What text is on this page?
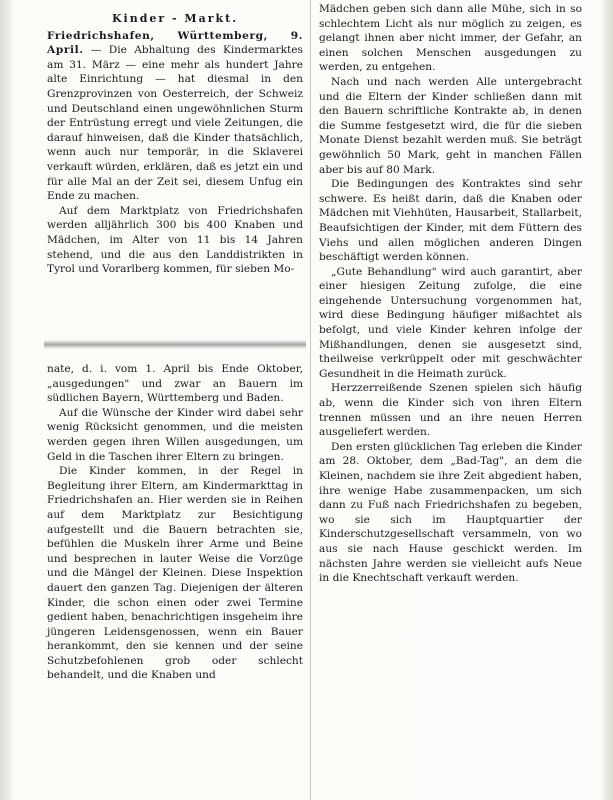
Kinder - Markt.

Friedrichshafen, Württemberg, 9. April. — Die Abhaltung des Kindermarktes am 31. März — eine mehr als hundert Jahre alte Einrichtung — hat diesmal in den Grenzprovinzen von Oesterreich, der Schweiz und Deutschland einen ungewöhnlichen Sturm der Entrüstung erregt und viele Zeitungen, die darauf hinweisen, daß die Kinder thatsächlich, wenn auch nur temporär, in die Sklaverei verkauft würden, erklären, daß es jetzt ein und für alle Mal an der Zeit sei, diesem Unfug ein Ende zu machen.

Auf dem Marktplatz von Friedrichshafen werden alljährlich 300 bis 400 Knaben und Mädchen, im Alter von 11 bis 14 Jahren stehend, und die aus den Landdistrikten in Tyrol und Vorarlberg kommen, für sieben Mo-

nate, d. i. vom 1. April bis Ende Oktober, „ausgedungen" und zwar an Bauern im südlichen Bayern, Württemberg und Baden.

Auf die Wünsche der Kinder wird dabei sehr wenig Rücksicht genommen, und die meisten werden gegen ihren Willen ausgedungen, um Geld in die Taschen ihrer Eltern zu bringen.

Die Kinder kommen, in der Regel in Begleitung ihrer Eltern, am Kindermarkttag in Friedrichshafen an. Hier werden sie in Reihen auf dem Marktplatz zur Besichtigung aufgestellt und die Bauern betrachten sie, befühlen die Muskeln ihrer Arme und Beine und besprechen in lauter Weise die Vorzüge und die Mängel der Kleinen. Diese Inspektion dauert den ganzen Tag. Diejenigen der älteren Kinder, die schon einen oder zwei Termine gedient haben, benachrichtigen insgeheim ihre jüngeren Leidensgenossen, wenn ein Bauer herankommt, den sie kennen und der seine Schutzbefohlenen grob oder schlecht behandelt, und die Knaben und

Mädchen geben sich dann alle Mühe, sich in so schlechtem Licht als nur möglich zu zeigen, es gelangt ihnen aber nicht immer, der Gefahr, an einen solchen Menschen ausgedungen zu werden, zu entgehen.

Nach und nach werden Alle untergebracht und die Eltern der Kinder schließen dann mit den Bauern schriftliche Kontrakte ab, in denen die Summe festgesetzt wird, die für die sieben Monate Dienst bezahlt werden muß. Sie beträgt gewöhnlich 50 Mark, geht in manchen Fällen aber bis auf 80 Mark.

Die Bedingungen des Kontraktes sind sehr schwere. Es heißt darin, daß die Knaben oder Mädchen mit Viehhüten, Hausarbeit, Stallarbeit, Beaufsichtigen der Kinder, mit dem Füttern des Viehs und allen möglichen anderen Dingen beschäftigt werden können.

„Gute Behandlung" wird auch garantirt, aber einer hiesigen Zeitung zufolge, die eine eingehende Untersuchung vorgenommen hat, wird diese Bedingung häufiger mißachtet als befolgt, und viele Kinder kehren infolge der Mißhandlungen, denen sie ausgesetzt sind, theilweise verkrüppelt oder mit geschwächter Gesundheit in die Heimath zurück.

Herzzerreißende Szenen spielen sich häufig ab, wenn die Kinder sich von ihren Eltern trennen müssen und an ihre neuen Herren ausgeliefert werden.

Den ersten glücklichen Tag erleben die Kinder am 28. Oktober, dem „Bad-Tag", an dem die Kleinen, nachdem sie ihre Zeit abgedient haben, ihre wenige Habe zusammenpacken, um sich dann zu Fuß nach Friedrichshafen zu begeben, wo sie sich im Hauptquartier der Kinderschutzgesellschaft versammeln, von wo aus sie nach Hause geschickt werden. Im nächsten Jahre werden sie vielleicht aufs Neue in die Knechtschaft verkauft werden.
